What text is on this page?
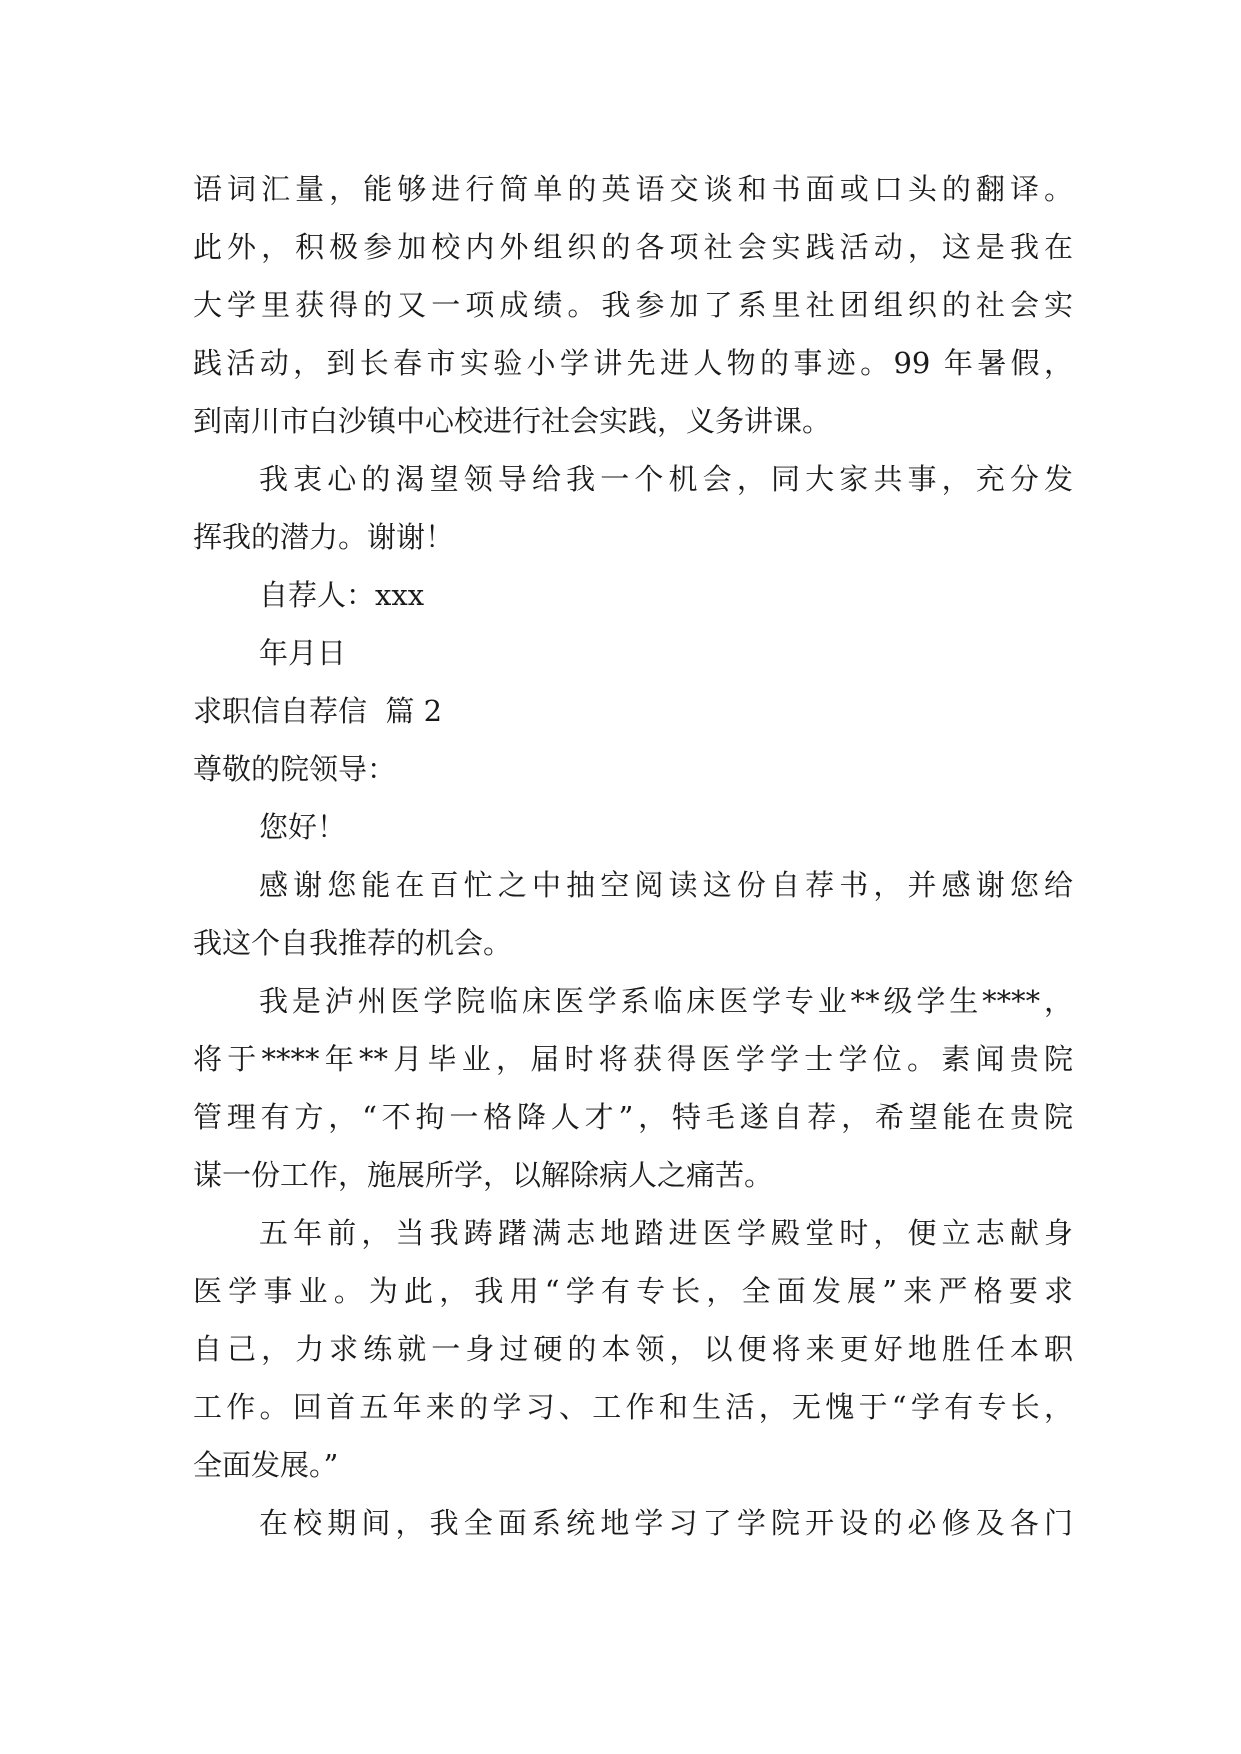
语词汇量，能够进行简单的英语交谈和书面或口头的翻译。
此外，积极参加校内外组织的各项社会实践活动，这是我在
大学里获得的又一项成绩。我参加了系里社团组织的社会实
践活动，到长春市实验小学讲先进人物的事迹。99 年暑假，
到南川市白沙镇中心校进行社会实践，义务讲课。
我衷心的渴望领导给我一个机会，同大家共事，充分发
挥我的潜力。谢谢！
自荐人：xxx
年月日
求职信自荐信  篇 2
尊敬的院领导：
您好！
感谢您能在百忙之中抽空阅读这份自荐书，并感谢您给
我这个自我推荐的机会。
我是泸州医学院临床医学系临床医学专业**级学生****，
将于****年**月毕业，届时将获得医学学士学位。素闻贵院
管理有方，“不拘一格降人才”，特毛遂自荐，希望能在贵院
谋一份工作，施展所学，以解除病人之痛苦。
五年前，当我踌躇满志地踏进医学殿堂时，便立志献身
医学事业。为此，我用“学有专长，全面发展”来严格要求
自己，力求练就一身过硬的本领，以便将来更好地胜任本职
工作。回首五年来的学习、工作和生活，无愧于“学有专长，
全面发展。”
在校期间，我全面系统地学习了学院开设的必修及各门
